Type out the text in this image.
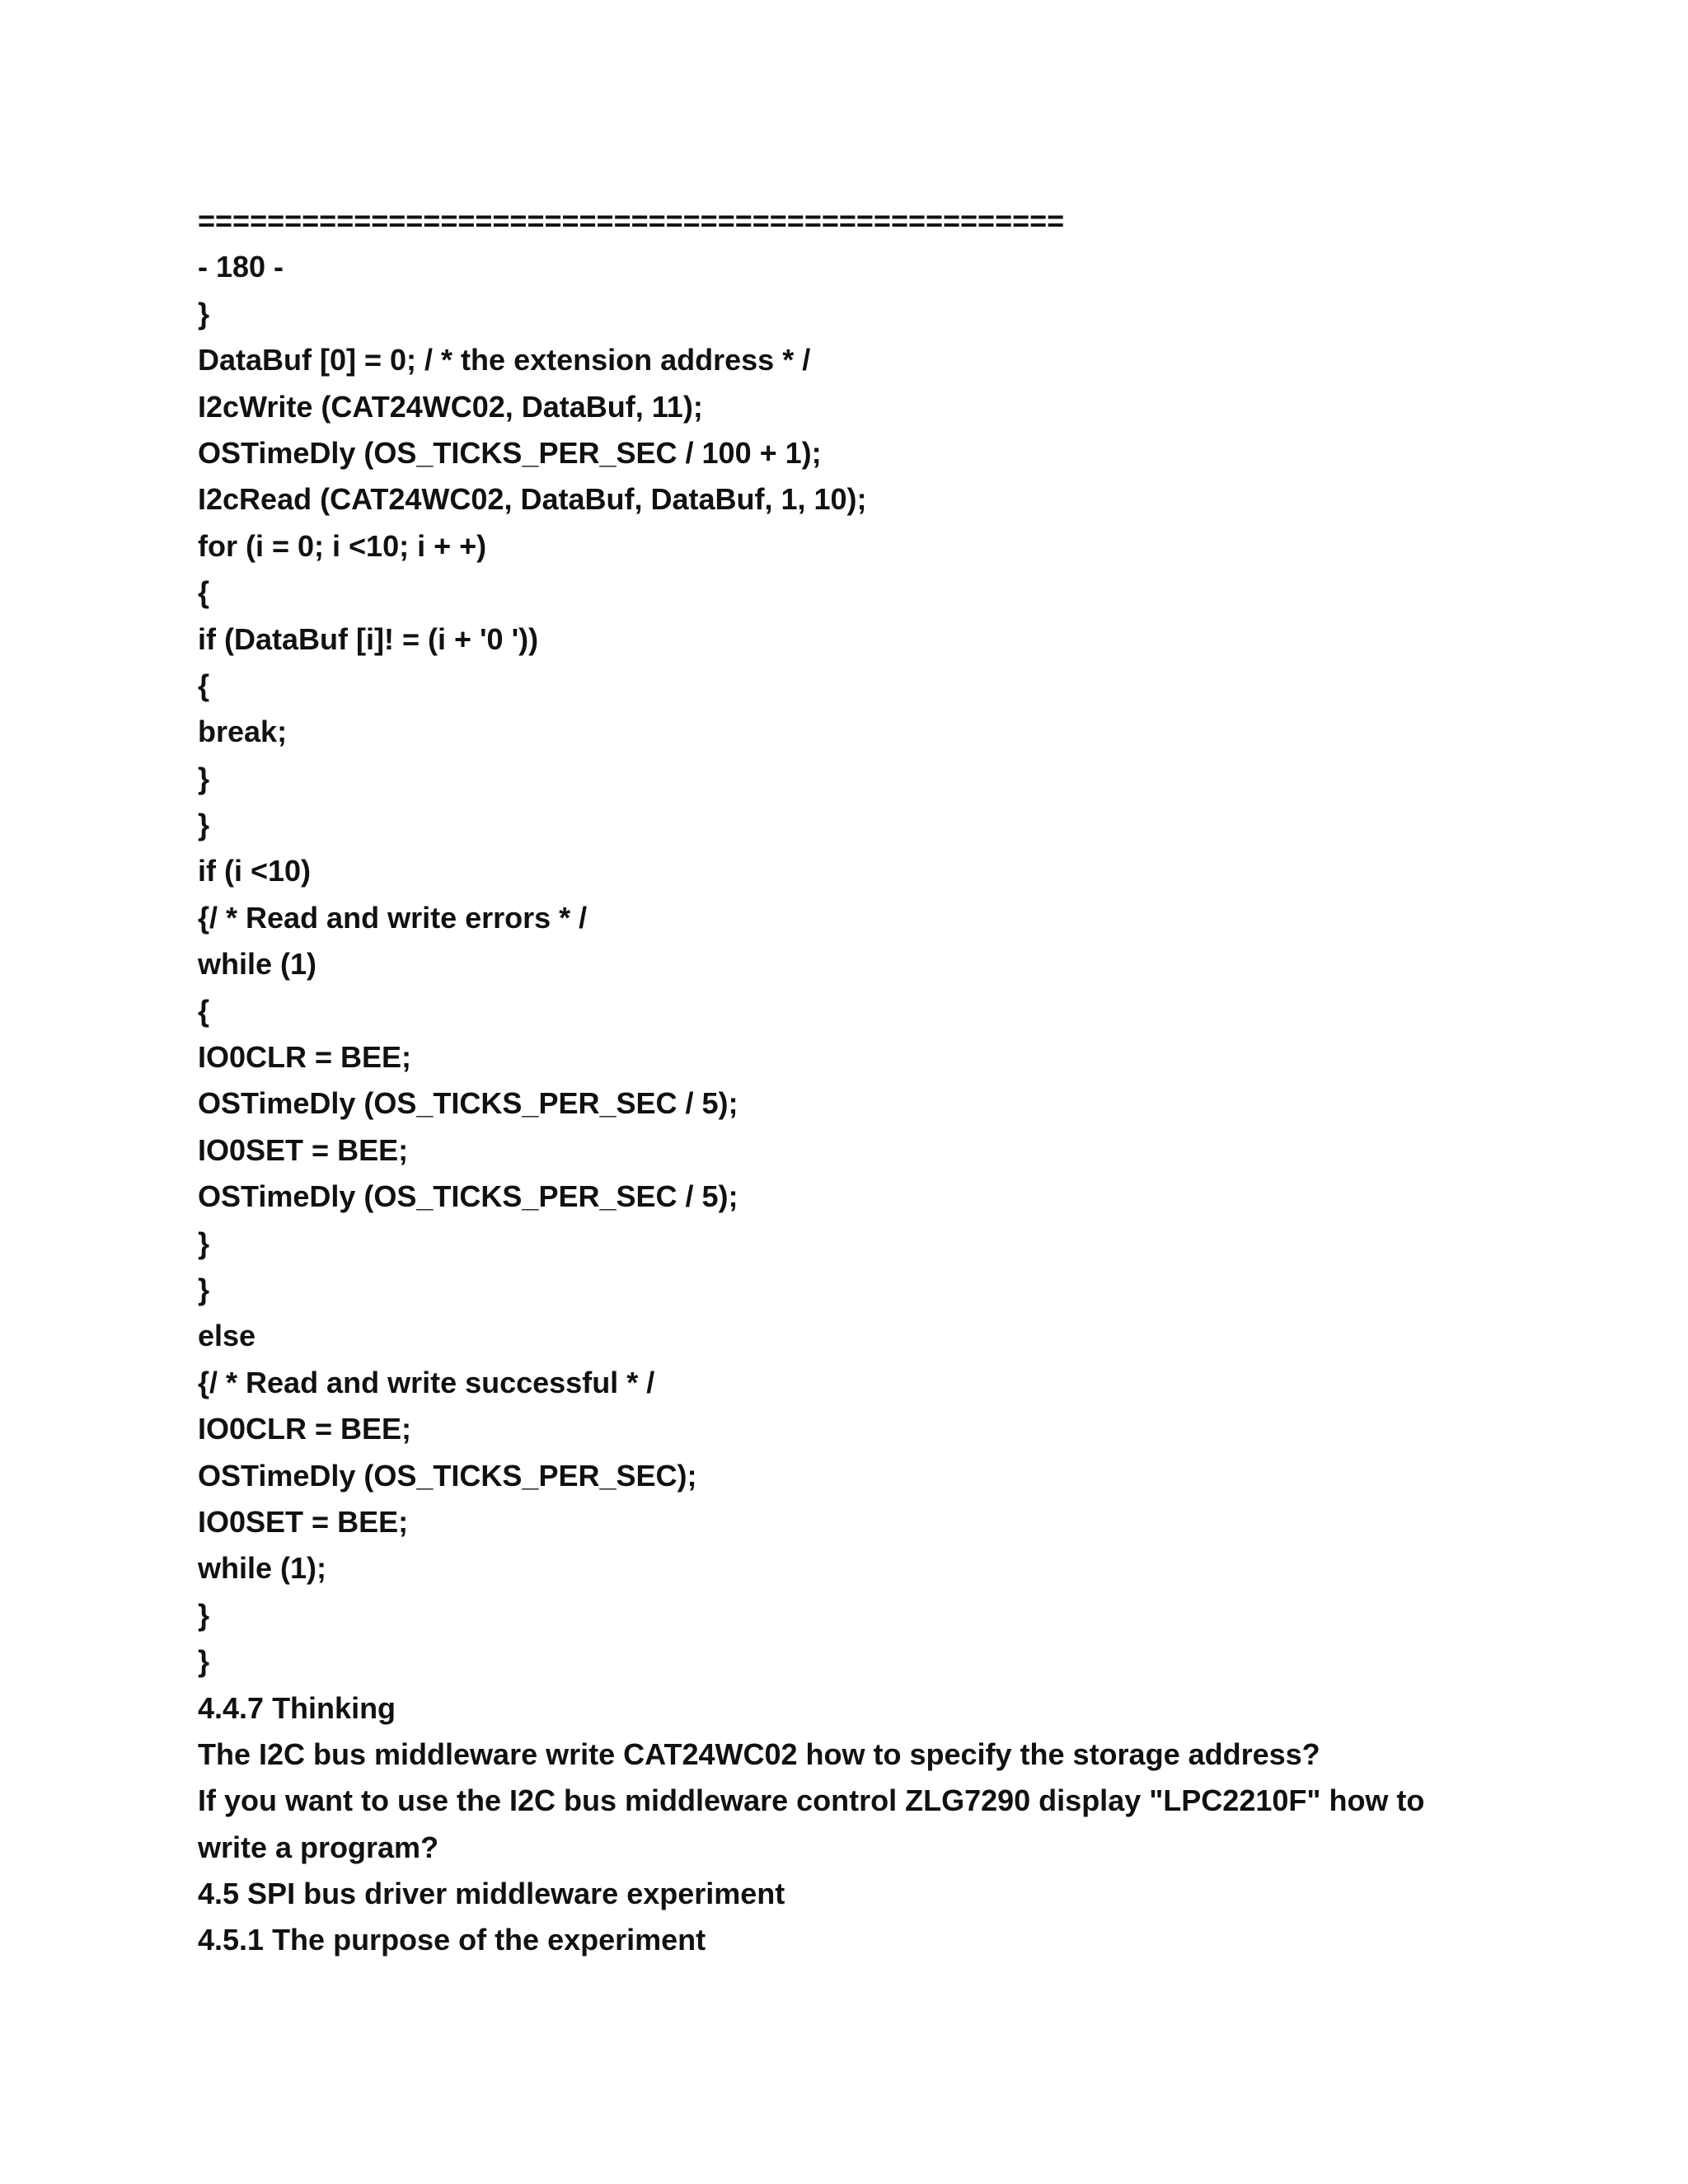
==================================================
- 180 -
}
DataBuf [0] = 0; / * the extension address * /
I2cWrite (CAT24WC02, DataBuf, 11);
OSTimeDly (OS_TICKS_PER_SEC / 100 + 1);
I2cRead (CAT24WC02, DataBuf, DataBuf, 1, 10);
for (i = 0; i <10; i + +)
{
if (DataBuf [i]! = (i + '0 '))
{
break;
}
}
if (i <10)
{/ * Read and write errors * /
while (1)
{
IO0CLR = BEE;
OSTimeDly (OS_TICKS_PER_SEC / 5);
IO0SET = BEE;
OSTimeDly (OS_TICKS_PER_SEC / 5);
}
}
else
{/ * Read and write successful * /
IO0CLR = BEE;
OSTimeDly (OS_TICKS_PER_SEC);
IO0SET = BEE;
while (1);
}
}
4.4.7 Thinking
The I2C bus middleware write CAT24WC02 how to specify the storage address?
If you want to use the I2C bus middleware control ZLG7290 display "LPC2210F" how to write a program?
4.5 SPI bus driver middleware experiment
4.5.1 The purpose of the experiment
